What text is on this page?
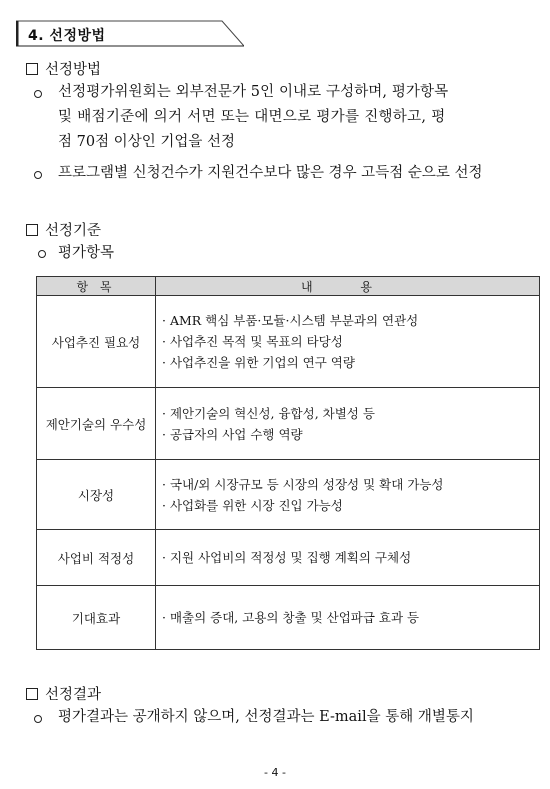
4. 선정방법
선정방법
선정평가위원회는 외부전문가 5인 이내로 구성하며, 평가항목
및 배점기준에 의거 서면 또는 대면으로 평가를 진행하고, 평
점 70점 이상인 기업을 선정
프로그램별 신청건수가 지원건수보다 많은 경우 고득점 순으로 선정
선정기준
평가항목
항 목	내 용
사업추진 필요성	· AMR 핵심 부품·모듈·시스템 부분과의 연관성
· 사업추진 목적 및 목표의 타당성
· 사업추진을 위한 기업의 연구 역량

제안기술의 우수성	· 제안기술의 혁신성, 융합성, 차별성 등
· 공급자의 사업 수행 역량

시장성	· 국내/외 시장규모 등 시장의 성장성 및 확대 가능성
· 사업화를 위한 시장 진입 가능성

사업비 적정성	· 지원 사업비의 적정성 및 집행 계획의 구체성

기대효과	· 매출의 증대, 고용의 창출 및 산업파급 효과 등
선정결과
평가결과는 공개하지 않으며, 선정결과는 E-mail을 통해 개별통지
- 4 -
